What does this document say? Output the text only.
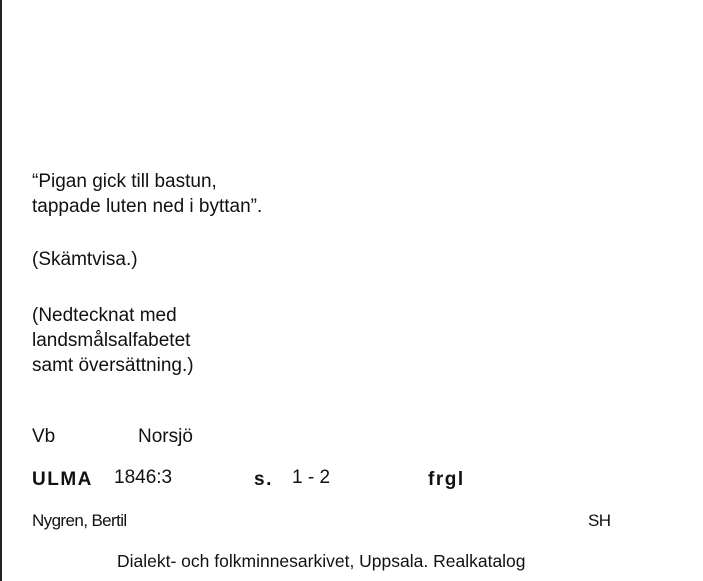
“Pigan gick till bastun,
tappade luten ned i byttan”.
(Skämtvisa.)
(Nedtecknat med
landsmålsalfabetet
samt översättning.)
Vb	Norsjö
ULMA 1846:3	s. 1 - 2	frgl
Nygren, Bertil	SH
Dialekt- och folkminnesarkivet, Uppsala. Realkatalog
